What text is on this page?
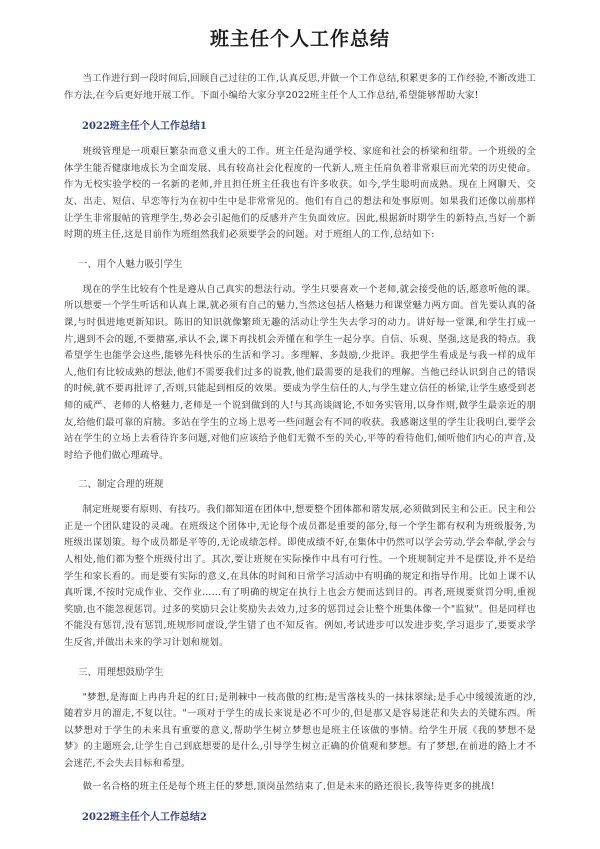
班主任个人工作总结

当工作进行到一段时间后,回顾自己过往的工作,认真反思,并做一个工作总结,积累更多的工作经验,不断改进工作方法,在今后更好地开展工作。下面小编给大家分享2022班主任个人工作总结,希望能够帮助大家!

2022班主任个人工作总结1

班级管理是一项艰巨繁杂而意义重大的工作。班主任是沟通学校、家庭和社会的桥梁和纽带。一个班级的全体学生能否健康地成长为全面发展、具有较高社会化程度的一代新人,班主任肩负着非常艰巨而光荣的历史使命。作为无校实验学校的一名新的老师,并且担任班主任我也有许多收获。如今,学生聪明而成熟。现在上网聊天、交友、出走、短信、早恋等行为在初中生中是非常常见的。他们有自己的想法和处事原则。如果我们还像以前那样让学生非常服帖的管理学生,势必会引起他们的反感并产生负面效应。因此,根据新时期学生的新特点,当好一个新时期的班主任,这是目前作为班组然我们必须要学会的问题。对于班组人的工作,总结如下:

一、用个人魅力吸引学生

现在的学生比较有个性是遵从自己真实的想法行动。学生只要喜欢一个老师,就会接受他的话,愿意听他的课。所以想要一个学生听话和认真上课,就必须有自己的魅力,当然这包括人格魅力和课堂魅力两方面。首先要认真的备课,与时俱进地更新知识。陈旧的知识就像繁琐无趣的活动让学生失去学习的动力。讲好每一堂课,和学生打成一片,遇到不会的题,不要搪塞,承认不会,课下再找机会弄懂在和学生一起分享。自信、乐观、坚强,这是我的特点。我希望学生也能学会这些,能够先科快乐的生活和学习。多理解、多鼓励,少批评。我把学生看成是与我一样的成年人,他们有比较成熟的想法,他们不需要我们过多的说教,他们最需要的是我们的理解。当他已经认识到自己的错误的时候,就不要再批评了,否则,只能起到相反的效果。要成为学生信任的人,与学生建立信任的桥梁,让学生感受到老师的威严、老师的人格魅力,老师是一个说到做到的人!与其高谈阔论,不如务实管用,以身作则,做学生最亲近的朋友,给他们最可靠的肩膀。多站在学生的立场上思考一些问题会有不同的收获。我感谢这里的学生让我明白,要学会站在学生的立场上去看待许多问题,对他们应该给予他们无微不至的关心,平等的看待他们,倾听他们内心的声音,及时给予他们做心理疏导。

二、制定合理的班规

制定班规要有原则、有技巧。我们都知道在团体中,想要整个团体都和谐发展,必须做到民主和公正。民主和公正是一个团队建设的灵魂。在班级这个团体中,无论每个成员都是重要的部分,每一个学生都有权利为班级服务,为班级出谋划策。每个成员都是平等的,无论成绩怎样。即使成绩不好,在集体中仍然可以学会劳动,学会奉献,学会与人相处,他们都为整个班级付出了。其次,要让班规在实际操作中具有可行性。一个班规制定并不是摆设,并不是给学生和家长看的。而是要有实际的意义,在具体的时间和日常学习活动中有明确的规定和指导作用。比如上课不认真听课,不按时完成作业、交作业……有了明确的规定在执行上也会方便而达到目的。再者,班规要赏罚分明,重视奖励,也不能忽视惩罚。过多的奖励只会让奖励失去效力,过多的惩罚过会让整个班集体像一个"监狱"。但是同样也不能没有惩罚,没有惩罚,班规形同虚设,学生错了也不知反省。例如,考试进步可以发进步奖,学习退步了,要要求学生反省,并做出未来的学习计划和规划。

三、用理想鼓励学生

"梦想,是海面上冉冉升起的红日;是荆棘中一枝高傲的红梅;是雪落枝头的一抹抹翠绿;是手心中缓缓流逝的沙,随着岁月的溜走,不复以往。"一项对于学生的成长来说是必不可少的,但是那又是容易迷茫和失去的关键东西。所以梦想对于学生的未来具有重要的意义,帮助学生树立梦想也是班主任该做的事情。给学生开展《我的梦想不是梦》的主题班会,让学生自己到底想要的是什么,引导学生树立正确的价值观和梦想。有了梦想,在前进的路上才不会迷茫,不会失去目标和希望。

做一名合格的班主任是每个班主任的梦想,顶岗虽然结束了,但是未来的路还很长,我等待更多的挑战!

2022班主任个人工作总结2
